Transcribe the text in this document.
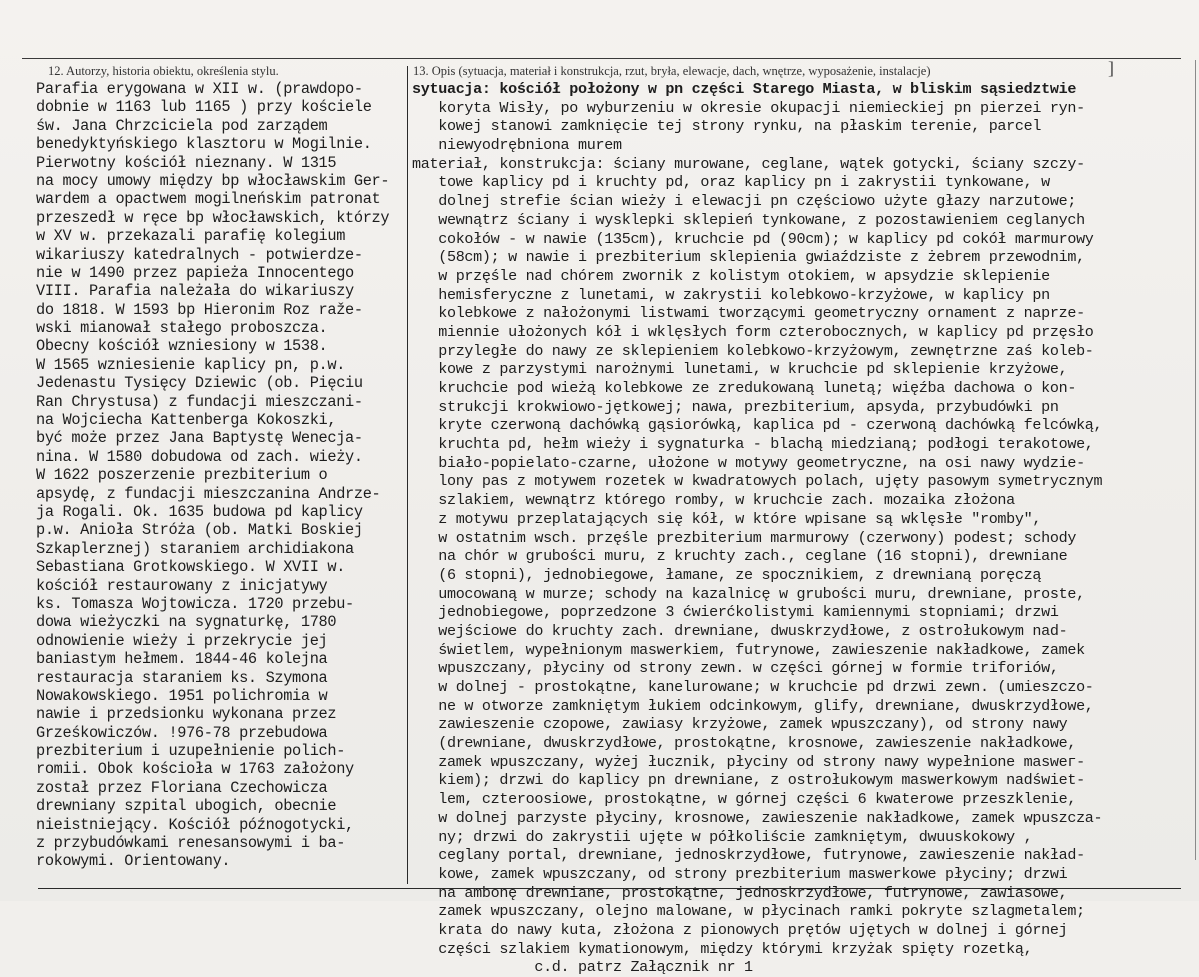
12. Autorzy, historia obiektu, określenia stylu.	13. Opis (sytuacja, materiał i konstrukcja, rzut, bryła, elewacje, dach, wnętrze, wyposażenie, instalacje)	]
Parafia erygowana w XII w. (prawdopo-
dobnie w 1163 lub 1165 ) przy kościele
św. Jana Chrzciciela pod zarządem
benedyktyńskiego klasztoru w Mogilnie.
Pierwotny kościół nieznany. W 1315
na mocy umowy między bp włocławskim Ger-
wardem a opactwem mogilneńskim patronat
przeszedł w ręce bp włocławskich, którzy
w XV w. przekazali parafię kolegium
wikariuszy katedralnych - potwierdze-
nie w 1490 przez papieża Innocentego
VIII. Parafia należała do wikariuszy
do 1818. W 1593 bp Hieronim Roz ražе-
wski mianował stałego proboszcza.
Obecny kościół wzniesiony w 1538.
W 1565 wzniesienie kaplicy pn, p.w.
Jedenastu Tysięcy Dziewic (ob. Pięciu
Ran Chrystusa) z fundacji mieszczani-
na Wojciecha Kattenberga Kokoszki,
być może przez Jana Baptystę Wenecja-
nina. W 1580 dobudowa od zach. wieży.
W 1622 poszerzenie prezbiterium o
apsydę, z fundacji mieszczanina Andrze-
ja Rogali. Ok. 1635 budowa pd kaplicy
p.w. Anioła Stróża (ob. Matki Boskiej
Szkaplerznej) staraniem archidiakona
Sebastiana Grotkowskiego. W XVII w.
kościół restaurowany z inicjatywy
ks. Tomasza Wojtowicza. 1720 przebu-
dowa wieżyczki na sygnaturkę, 1780
odnowienie wieży i przekrycie jej
baniastym hełmem. 1844-46 kolejna
restauracja staraniem ks. Szymona
Nowakowskiego. 1951 polichromia w
nawie i przedsionku wykonana przez
Grześkowiczów. !976-78 przebudowa
prezbiterium i uzupełnienie polich-
romii. Obok kościoła w 1763 założony
został przez Floriana Czechowicza
drewniany szpital ubogich, obecnie
nieistniejący. Kościół późnogotycki,
z przybudówkami renesansowymi i ba-
rokowymi. Orientowany.
sytuacja: kościół położony w pn części Starego Miasta, w bliskim sąsiedztwie
koryta Wisły, po wyburzeniu w okresie okupacji niemieckiej pn pierzei ryn-
kowej stanowi zamknięcie tej strony rynku, na płaskim terenie, parcel
niewyodrębniona murem
materiał, konstrukcja: ściany murowane, ceglane, wątek gotycki, ściany szczy-
towe kaplicy pd i kruchty pd, oraz kaplicy pn i zakrystii tynkowane, w
dolnej strefie ścian wieży i elewacji pn częściowo użyte głazy narzutowe;
wewnątrz ściany i wysklepki sklepień tynkowane, z pozostawieniem ceglanych
cokołów - w nawie (135cm), kruchcie pd (90cm); w kaplicy pd cokół marmurowy
(58cm); w nawie i prezbiterium sklepienia gwiaździste z żebrem przewodnim,
w przęśle nad chórem zwornik z kolistym otokiem, w apsydzie sklepienie
hemisferyczne z lunetami, w zakrystii kolebkowo-krzyżowe, w kaplicy pn
kolebkowe z nałożonymi listwami tworzącymi geometryczny ornament z naprze-
miennie ułożonych kół i wklęsłych form czterobocznych, w kaplicy pd przęsło
przyległe do nawy ze sklepieniem kolebkowo-krzyżowym, zewnętrzne zaś koleb-
kowe z parzystymi narożnymi lunetami, w kruchcie pd sklepienie krzyżowe,
kruchcie pod wieżą kolebkowe ze zredukowaną lunetą; więźba dachowa o kon-
strukcji krokwiowo-jętkowej; nawa, prezbiterium, apsyda, przybudówki pn
kryte czerwoną dachówką gąsiorówką, kaplica pd - czerwoną dachówką felcówką,
kruchta pd, hełm wieży i sygnaturka - blachą miedzianą; podłogi terakotowe,
biało-popielato-czarne, ułożone w motywy geometryczne, na osi nawy wydzie-
lony pas z motywem rozetek w kwadratowych polach, ujęty pasowym symetrycznym
szlakiem, wewnątrz którego romby, w kruchcie zach. mozaika złożona
z motywu przeplatających się kół, w które wpisane są wklęsłe "romby",
w ostatnim wsch. przęśle prezbiterium marmurowy (czerwony) podest; schody
na chór w grubości muru, z kruchty zach., ceglane (16 stopni), drewniane
(6 stopni), jednobiegowe, łamane, ze spocznikiem, z drewnianą poręczą
umocowaną w murze; schody na kazalnicę w grubości muru, drewniane, proste,
jednobiegowe, poprzedzone 3 ćwierćkolistymi kamiennymi stopniami; drzwi
wejściowe do kruchty zach. drewniane, dwuskrzydłowe, z ostrołukowym nad-
świetlem, wypełnionym maswerkiem, futrynowe, zawieszenie nakładkowe, zamek
wpuszczany, płyciny od strony zewn. w części górnej w formie triforiów,
w dolnej - prostokątne, kanelurowane; w kruchcie pd drzwi zewn. (umieszczo-
ne w otworze zamkniętym łukiem odcinkowym, glify, drewniane, dwuskrzydłowe,
zawieszenie czopowe, zawiasy krzyżowe, zamek wpuszczany), od strony nawy
(drewniane, dwuskrzydłowe, prostokątne, krosnowe, zawieszenie nakładkowe,
zamek wpuszczany, wyżej łucznik, płyciny od strony nawy wypełnione masweг-
kiem); drzwi do kaplicy pn drewniane, z ostrołukowym maswerkowym nadświet-
lem, czteroosiowe, prostokątne, w górnej części 6 kwaterowe przeszklenie,
w dolnej parzyste płyciny, krosnowe, zawieszenie nakładkowe, zamek wpuszcza-
ny; drzwi do zakrystii ujęte w półkoliście zamkniętym, dwuuskokowy ,
ceglany portal, drewniane, jednoskrzydłowe, futrynowe, zawieszenie nakład-
kowe, zamek wpuszczany, od strony prezbiterium maswerkowe płyciny; drzwi
na ambonę drewniane, prostokątne, jednoskrzydłowe, futrynowe, zawiasowe,
zamek wpuszczany, olejno malowane, w płycinach ramki pokryte szlagmetalem;
krata do nawy kuta, złożona z pionowych prętów ujętych w dolnej i górnej
części szlakiem kymationowym, między którymi krzyżak spięty rozetką,
c.d. patrz Załącznik nr 1
